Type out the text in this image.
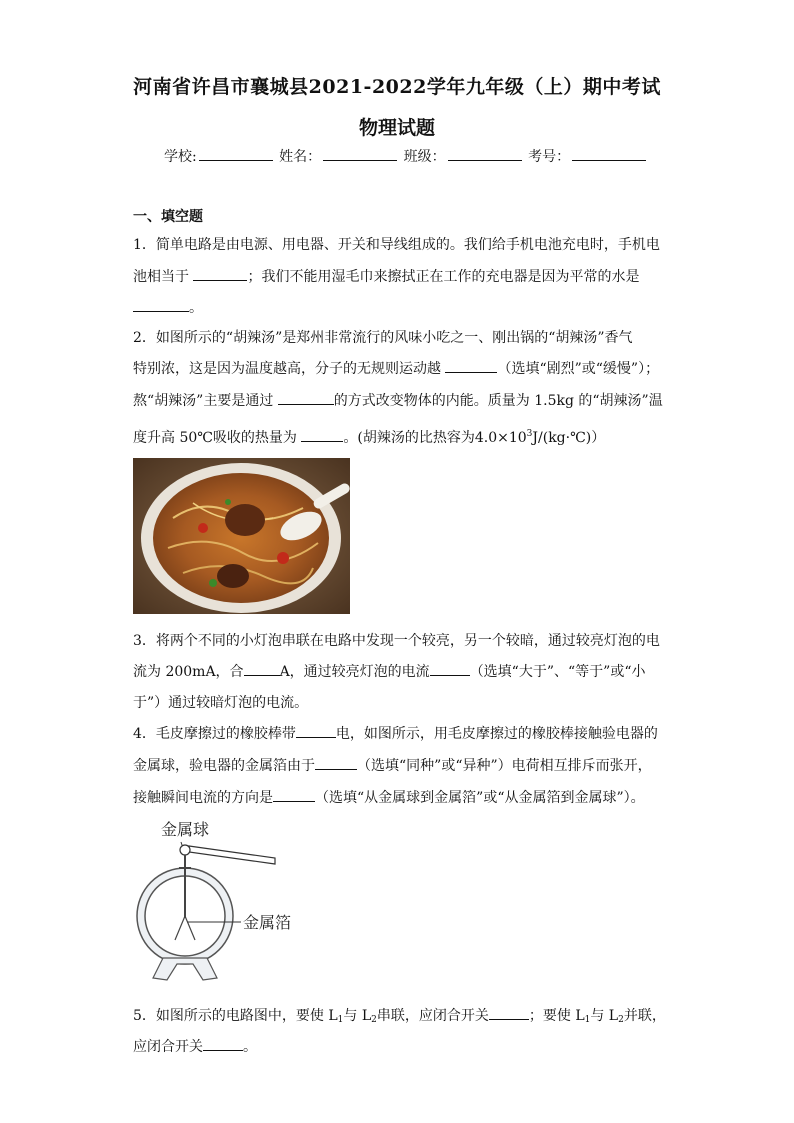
河南省许昌市襄城县2021-2022学年九年级（上）期中考试
物理试题
学校:	姓名：	班级：	考号：
一、填空题
1．简单电路是由电源、用电器、开关和导线组成的。我们给手机电池充电时，手机电
池相当于	；我们不能用湿毛巾来擦拭正在工作的充电器是因为平常的水是
。
2．如图所示的“胡辣汤”是郑州非常流行的风味小吃之一、刚出锅的“胡辣汤”香气
特别浓，这是因为温度越高，分子的无规则运动越	（选填“剧烈”或“缓慢”）；
熬“胡辣汤”主要是通过	的方式改变物体的内能。质量为 1.5kg 的“胡辣汤”温
度升高 50℃吸收的热量为	。(胡辣汤的比热容为$4.0\times 10^3J/(kg\cdot℃)$）
3．将两个不同的小灯泡串联在电路中发现一个较亮，另一个较暗，通过较亮灯泡的电
流为 200mA，合	A，通过较亮灯泡的电流	（选填“大于”、“等于”或“小
于”）通过较暗灯泡的电流。
4．毛皮摩擦过的橡胶棒带	电，如图所示，用毛皮摩擦过的橡胶棒接触验电器的
金属球，验电器的金属箔由于	（选填“同种”或“异种”）电荷相互排斥而张开，
接触瞬间电流的方向是	（选填“从金属球到金属箔”或“从金属箔到金属球”）。
金属球
金属箔
5．如图所示的电路图中，要使 $L_1$与 $L_2$串联，应闭合开关	；要使 $L_1$与 $L_2$并联，
应闭合开关	。
